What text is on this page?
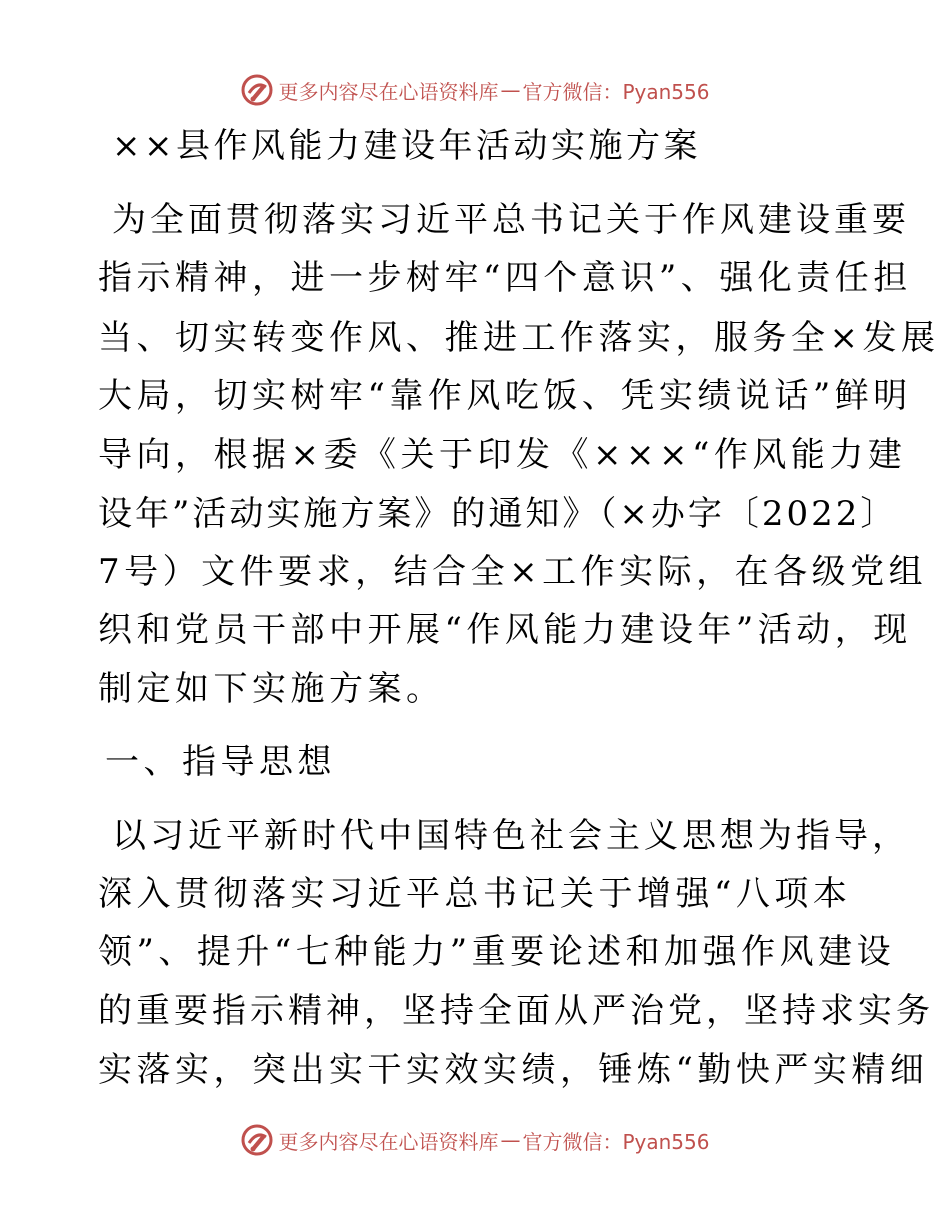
更多内容尽在心语资料库 — 官方微信：Pyan556
××县作风能力建设年活动实施方案
为全面贯彻落实习近平总书记关于作风建设重要
指示精神，进一步树牢“四个意识”、强化责任担
当、切实转变作风、推进工作落实，服务全×发展
大局，切实树牢“靠作风吃饭、凭实绩说话”鲜明
导向，根据×委《关于印发《×××“作风能力建
设年”活动实施方案》的通知》（×办字〔2022〕
7号）文件要求，结合全×工作实际，在各级党组
织和党员干部中开展“作风能力建设年”活动，现
制定如下实施方案。
一、指导思想
以习近平新时代中国特色社会主义思想为指导，
深入贯彻落实习近平总书记关于增强“八项本
领”、提升“七种能力”重要论述和加强作风建设
的重要指示精神，坚持全面从严治党，坚持求实务
实落实，突出实干实效实绩，锤炼“勤快严实精细
更多内容尽在心语资料库 — 官方微信：Pyan556
